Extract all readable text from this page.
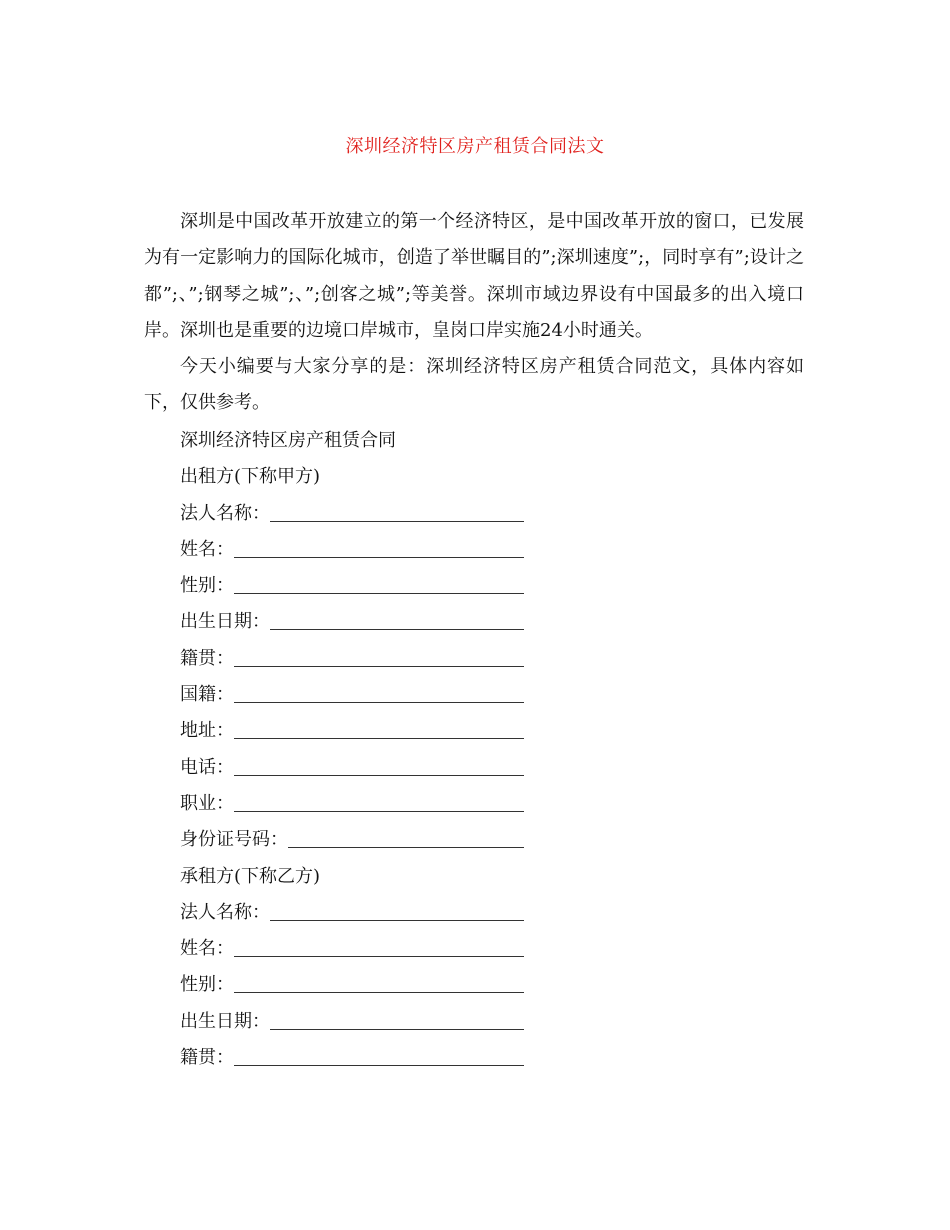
深圳经济特区房产租赁合同法文

深圳是中国改革开放建立的第一个经济特区，是中国改革开放的窗口，已发展为有一定影响力的国际化城市，创造了举世瞩目的”;深圳速度”;，同时享有”;设计之都”;、”;钢琴之城”;、”;创客之城”;等美誉。深圳市域边界设有中国最多的出入境口岸。深圳也是重要的边境口岸城市，皇岗口岸实施24小时通关。

今天小编要与大家分享的是：深圳经济特区房产租赁合同范文，具体内容如下，仅供参考。

深圳经济特区房产租赁合同
出租方(下称甲方)
法人名称：
姓名：
性别：
出生日期：
籍贯：
国籍：
地址：
电话：
职业：
身份证号码：
承租方(下称乙方)
法人名称：
姓名：
性别：
出生日期：
籍贯：
